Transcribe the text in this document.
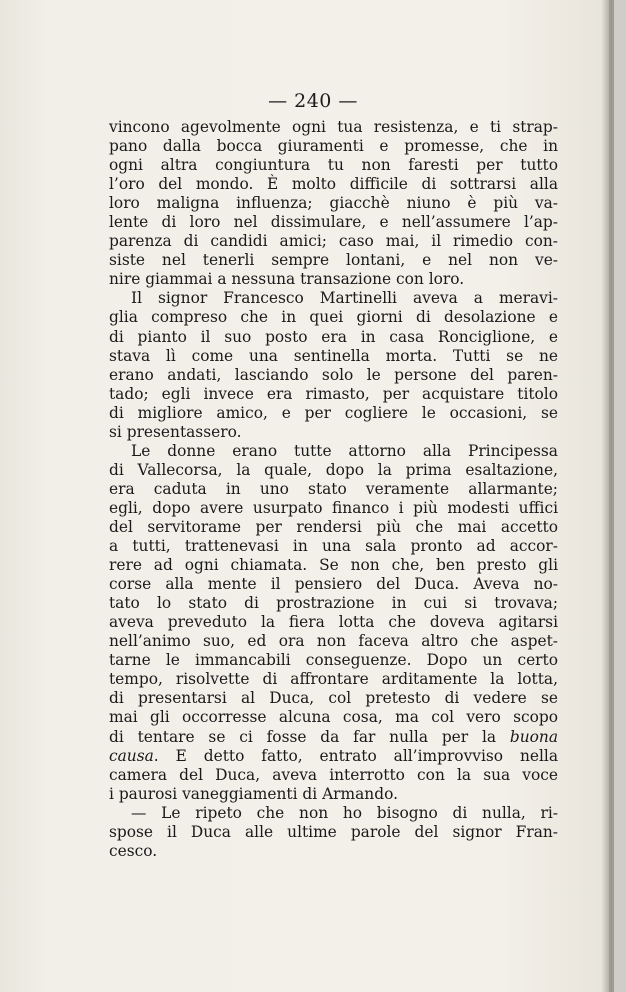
— 240 —
vincono agevolmente ogni tua resistenza, e ti strap-
pano dalla bocca giuramenti e promesse, che in
ogni altra congiuntura tu non faresti per tutto
l’oro del mondo. È molto difficile di sottrarsi alla
loro maligna influenza; giacchè niuno è più va-
lente di loro nel dissimulare, e nell’assumere l’ap-
parenza di candidi amici; caso mai, il rimedio con-
siste nel tenerli sempre lontani, e nel non ve-
nire giammai a nessuna transazione con loro.
Il signor Francesco Martinelli aveva a meravi-
glia compreso che in quei giorni di desolazione e
di pianto il suo posto era in casa Ronciglione, e
stava lì come una sentinella morta. Tutti se ne
erano andati, lasciando solo le persone del paren-
tado; egli invece era rimasto, per acquistare titolo
di migliore amico, e per cogliere le occasioni, se
si presentassero.
Le donne erano tutte attorno alla Principessa
di Vallecorsa, la quale, dopo la prima esaltazione,
era caduta in uno stato veramente allarmante;
egli, dopo avere usurpato financo i più modesti uffici
del servitorame per rendersi più che mai accetto
a tutti, trattenevasi in una sala pronto ad accor-
rere ad ogni chiamata. Se non che, ben presto gli
corse alla mente il pensiero del Duca. Aveva no-
tato lo stato di prostrazione in cui si trovava;
aveva preveduto la fiera lotta che doveva agitarsi
nell’animo suo, ed ora non faceva altro che aspet-
tarne le immancabili conseguenze. Dopo un certo
tempo, risolvette di affrontare arditamente la lotta,
di presentarsi al Duca, col pretesto di vedere se
mai gli occorresse alcuna cosa, ma col vero scopo
di tentare se ci fosse da far nulla per la buona
causa. E detto fatto, entrato all’improvviso nella
camera del Duca, aveva interrotto con la sua voce
i paurosi vaneggiamenti di Armando.
— Le ripeto che non ho bisogno di nulla, ri-
spose il Duca alle ultime parole del signor Fran-
cesco.
